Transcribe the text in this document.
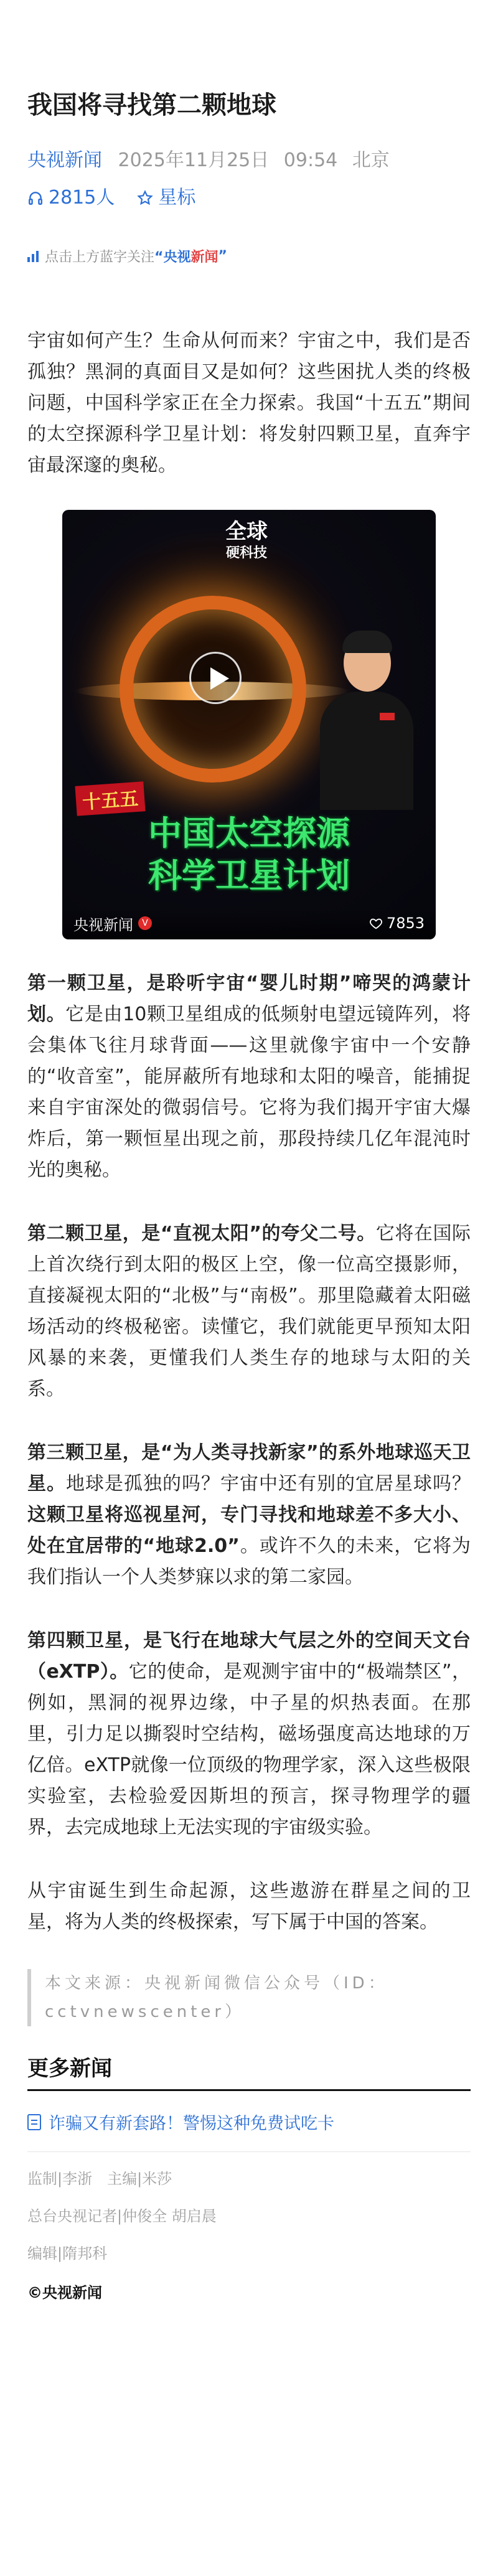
我国将寻找第二颗地球
央视新闻 2025年11月25日 09:54 北京
2815人 星标
点击上方蓝字关注 “央视 新闻 ”

宇宙如何产生？生命从何而来？宇宙之中，我们是否孤独？黑洞的真面目又是如何？这些困扰人类的终极问题，中国科学家正在全力探索。我国“十五五”期间的太空探源科学卫星计划：将发射四颗卫星，直奔宇宙最深邃的奥秘。

全球
硬科技
十五五
中国太空探源
科学卫星计划
央视新闻	V	7853

第一颗卫星，是聆听宇宙“婴儿时期”啼哭的鸿蒙计划。它是由10颗卫星组成的低频射电望远镜阵列，将会集体飞往月球背面——这里就像宇宙中一个安静的“收音室”，能屏蔽所有地球和太阳的噪音，能捕捉来自宇宙深处的微弱信号。它将为我们揭开宇宙大爆炸后，第一颗恒星出现之前，那段持续几亿年混沌时光的奥秘。

第二颗卫星，是“直视太阳”的夸父二号。它将在国际上首次绕行到太阳的极区上空，像一位高空摄影师，直接凝视太阳的“北极”与“南极”。那里隐藏着太阳磁场活动的终极秘密。读懂它，我们就能更早预知太阳风暴的来袭，更懂我们人类生存的地球与太阳的关系。

第三颗卫星，是“为人类寻找新家”的系外地球巡天卫星。地球是孤独的吗？宇宙中还有别的宜居星球吗？这颗卫星将巡视星河，专门寻找和地球差不多大小、处在宜居带的“地球2.0”。或许不久的未来，它将为我们指认一个人类梦寐以求的第二家园。

第四颗卫星，是飞行在地球大气层之外的空间天文台（eXTP）。它的使命，是观测宇宙中的“极端禁区”，例如，黑洞的视界边缘，中子星的炽热表面。在那里，引力足以撕裂时空结构，磁场强度高达地球的万亿倍。eXTP就像一位顶级的物理学家，深入这些极限实验室，去检验爱因斯坦的预言，探寻物理学的疆界，去完成地球上无法实现的宇宙级实验。

从宇宙诞生到生命起源，这些遨游在群星之间的卫星，将为人类的终极探索，写下属于中国的答案。

本文来源：央视新闻微信公众号（ID：cctvnewscenter）
更多新闻
诈骗又有新套路！警惕这种免费试吃卡
监制|李浙　主编|米莎
总台央视记者|仲俊全 胡启晨
编辑|隋邦科
©央视新闻
